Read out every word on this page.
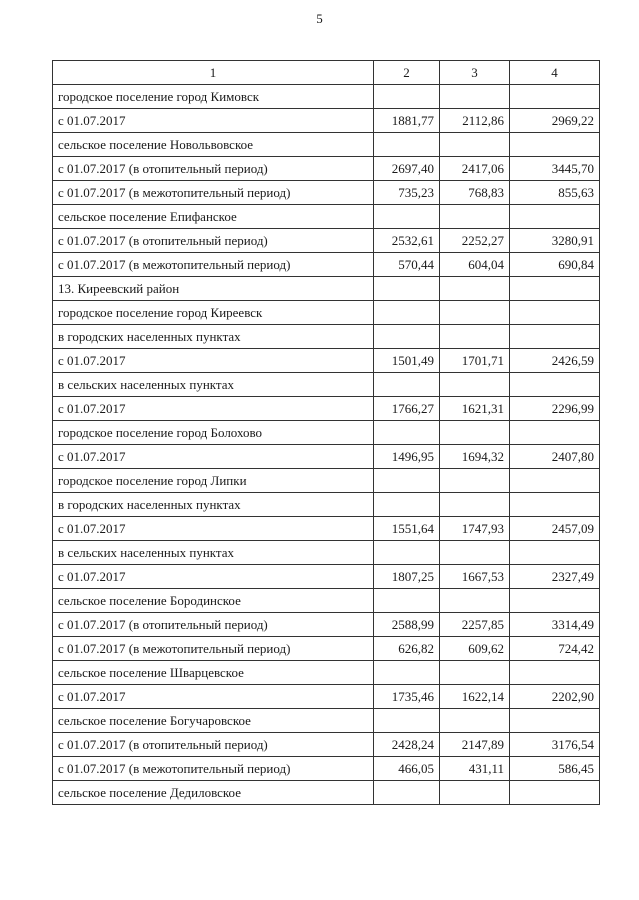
5
1	2	3	4
городское поселение город Кимовск			
с 01.07.2017	1881,77	2112,86	2969,22
сельское поселение Новольвовское			
с 01.07.2017 (в отопительный период)	2697,40	2417,06	3445,70
с 01.07.2017 (в межотопительный период)	735,23	768,83	855,63
сельское поселение Епифанское			
с 01.07.2017 (в отопительный период)	2532,61	2252,27	3280,91
с 01.07.2017 (в межотопительный период)	570,44	604,04	690,84
13. Киреевский район			
городское поселение город Киреевск			
в городских населенных пунктах			
с 01.07.2017	1501,49	1701,71	2426,59
в сельских населенных пунктах			
с 01.07.2017	1766,27	1621,31	2296,99
городское поселение город Болохово			
с 01.07.2017	1496,95	1694,32	2407,80
городское поселение город Липки			
в городских населенных пунктах			
с 01.07.2017	1551,64	1747,93	2457,09
в сельских населенных пунктах			
с 01.07.2017	1807,25	1667,53	2327,49
сельское поселение Бородинское			
с 01.07.2017 (в отопительный период)	2588,99	2257,85	3314,49
с 01.07.2017 (в межотопительный период)	626,82	609,62	724,42
сельское поселение Шварцевское			
с 01.07.2017	1735,46	1622,14	2202,90
сельское поселение Богучаровское			
с 01.07.2017 (в отопительный период)	2428,24	2147,89	3176,54
с 01.07.2017 (в межотопительный период)	466,05	431,11	586,45
сельское поселение Дедиловское			
